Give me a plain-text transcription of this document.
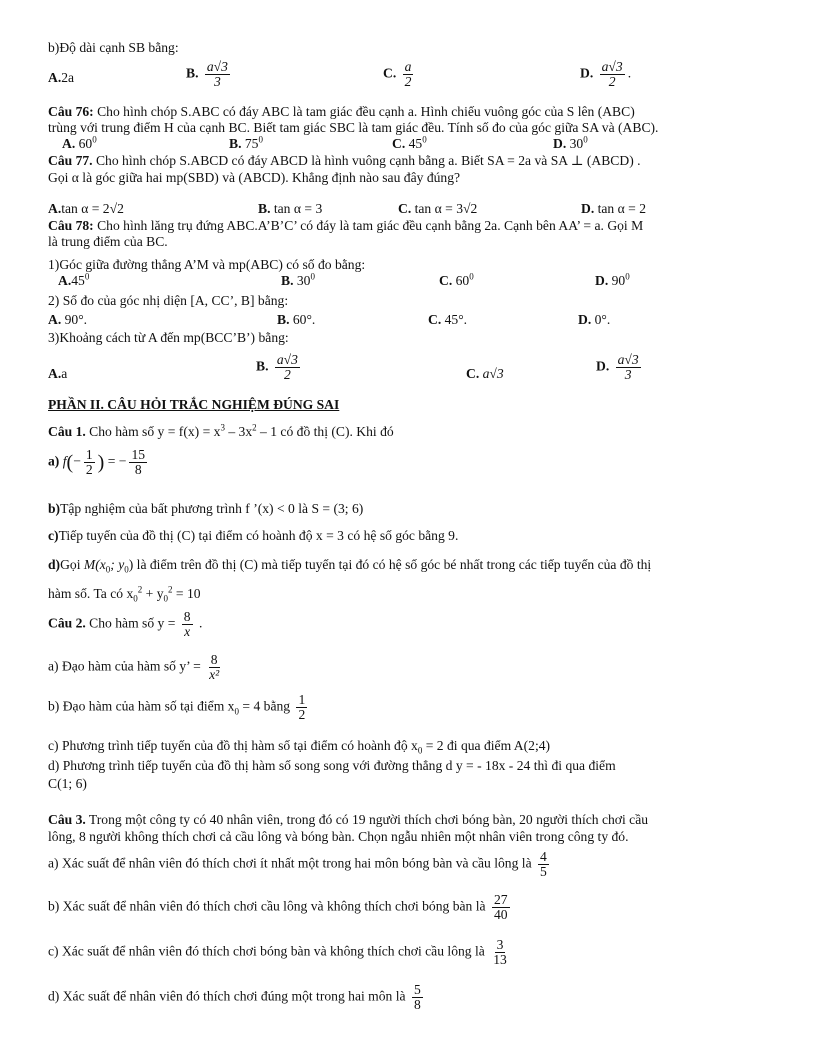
b)Độ dài cạnh SB bằng:
A.2a	B. $\frac{a√3}{3}$	C. $\frac{a}{2}$	D. $\frac{a√3}{2}$ .
Câu 76: Cho hình chóp S.ABC có đáy ABC là tam giác đều cạnh a. Hình chiếu vuông góc của S lên (ABC)
trùng với trung điểm H của cạnh BC. Biết tam giác SBC là tam giác đều. Tính số đo của góc giữa SA và (ABC).
A. $60^0$	B. $75^0$	C. $45^0$	D. $30^0$
Câu 77. Cho hình chóp S.ABCD có đáy ABCD là hình vuông cạnh bằng a. Biết SA = 2a và SA ⊥ (ABCD) .
Gọi α là góc giữa hai mp(SBD) và (ABCD). Khẳng định nào sau đây đúng?
A.tan α = 2√2	B. tan α = 3	C. tan α = 3√2	D. tan α = 2
Câu 78: Cho hình lăng trụ đứng ABC.A’B’C’ có đáy là tam giác đều cạnh bằng 2a. Cạnh bên AA’ = a. Gọi M
là trung điểm của BC.
1)Góc giữa đường thẳng A’M và mp(ABC) có số đo bằng:
$A.45^0$	B. $30^0$	C. $60^0$	D. $90^0$
2) Số đo của góc nhị diện [A, CC’, B] bằng:
A. 90°.	B. 60°.	C. 45°.	D. 0°.
3)Khoảng cách từ A đến mp(BCC’B’) bằng:
A.a	B. $\frac{a√3}{2}$	C. a√3	D. $\frac{a√3}{3}$
PHẦN II. CÂU HỎI TRẮC NGHIỆM ĐÚNG SAI
Câu 1. Cho hàm số $y = f(x) = x^3 - 3x^2 - 1$ có đồ thị (C). Khi đó
a) $f(- \frac{1}{2}$ ) = − $\frac{15}{8}$
b)Tập nghiệm của bất phương trình f ’(x) < 0 là S = (3; 6)
c)Tiếp tuyến của đồ thị (C) tại điểm có hoành độ x = 3 có hệ số góc bằng 9.
d)Gọi $M(x_0$; $y_0$) là điểm trên đồ thị (C) mà tiếp tuyến tại đó có hệ số góc bé nhất trong các tiếp tuyến của đồ thị
hàm số. Ta có $x_0^2 + y_0^2 = 10$
Câu 2. Cho hàm số $y = \frac{8}{x}$ .
a) Đạo hàm của hàm số y’ = $\frac{8}{\text{x²}}$
b) Đạo hàm của hàm số tại điểm $x_0 = 4$ bằng $\frac{1}{2}$
c) Phương trình tiếp tuyến của đồ thị hàm số tại điểm có hoành độ $x_0 = 2$ đi qua điểm A(2;4)
d) Phương trình tiếp tuyến của đồ thị hàm số song song với đường thẳng d y = - 18x - 24 thì đi qua điểm
C(1; 6)
Câu 3. Trong một công ty có 40 nhân viên, trong đó có 19 người thích chơi bóng bàn, 20 người thích chơi cầu
lông, 8 người không thích chơi cả cầu lông và bóng bàn. Chọn ngẫu nhiên một nhân viên trong công ty đó.
a) Xác suất để nhân viên đó thích chơi ít nhất một trong hai môn bóng bàn và cầu lông là $\frac{4}{5}$
b) Xác suất để nhân viên đó thích chơi cầu lông và không thích chơi bóng bàn là $\frac{27}{40}$
c) Xác suất để nhân viên đó thích chơi bóng bàn và không thích chơi cầu lông là $\frac{3}{13}$
d) Xác suất để nhân viên đó thích chơi đúng một trong hai môn là $\frac{5}{8}$
